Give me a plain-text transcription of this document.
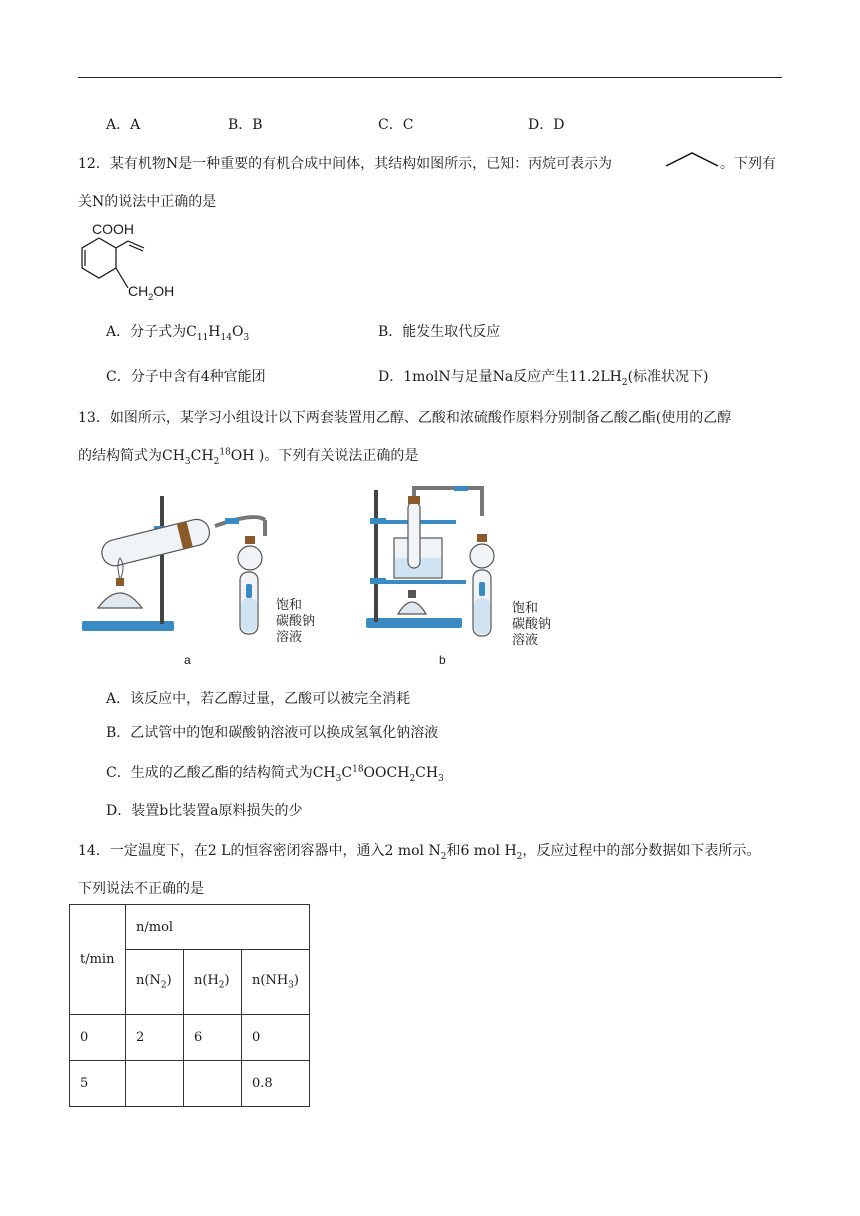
A．A	B．B	C．C	D．D
12．某有机物N是一种重要的有机合成中间体，其结构如图所示，已知：丙烷可表示为	。下列有
关N的说法中正确的是
COOH
$CH_2OH$
A．分子式为$C_{11}H_{14}O_3$	B．能发生取代反应
C．分子中含有4种官能团	D．1molN与足量Na反应产生$11.2LH_2$(标准状况下)
13．如图所示，某学习小组设计以下两套装置用乙醇、乙酸和浓硫酸作原料分别制备乙酸乙酯(使用的乙醇
的结构简式为$CH_3CH_2^{18}OH$ )。下列有关说法正确的是
饱和
碳酸钠
溶液
a
饱和
碳酸钠
溶液
b
A．该反应中，若乙醇过量，乙酸可以被完全消耗
B．乙试管中的饱和碳酸钠溶液可以换成氢氧化钠溶液
C．生成的乙酸乙酯的结构简式为$CH_3C^{18}OOCH_2CH_3$
D．装置b比装置a原料损失的少
14．一定温度下，在2 L的恒容密闭容器中，通入2 mol $N_2$和6 mol $H_2$，反应过程中的部分数据如下表所示。
下列说法不正确的是
t/min	n/mol		
	$n(N_2)$	$n(H_2)$	$n(NH_3)$
0	2	6	0
5			0.8
